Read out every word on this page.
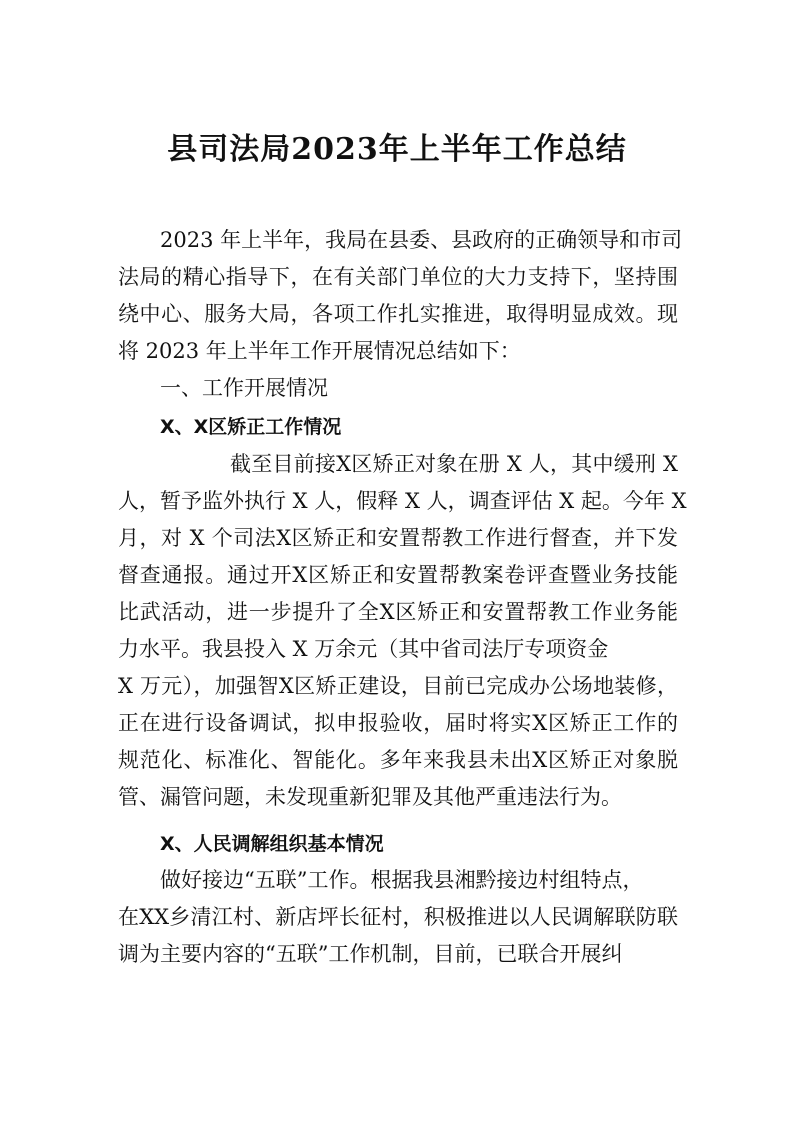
县司法局2023年上半年工作总结
2023 年上半年，我局在县委、县政府的正确领导和市司
法局的精心指导下，在有关部门单位的大力支持下，坚持围
绕中心、服务大局，各项工作扎实推进，取得明显成效。现
将 2023 年上半年工作开展情况总结如下：
一、工作开展情况
X、X区矫正工作情况
截至目前接X区矫正对象在册 X 人，其中缓刑 X
人，暂予监外执行 X 人，假释 X 人，调查评估 X 起。今年 X
月，对 X 个司法X区矫正和安置帮教工作进行督查，并下发
督查通报。通过开X区矫正和安置帮教案卷评查暨业务技能
比武活动，进一步提升了全X区矫正和安置帮教工作业务能
力水平。我县投入 X 万余元（其中省司法厅专项资金
X 万元），加强智X区矫正建设，目前已完成办公场地装修，
正在进行设备调试，拟申报验收，届时将实X区矫正工作的
规范化、标准化、智能化。多年来我县未出X区矫正对象脱
管、漏管问题，未发现重新犯罪及其他严重违法行为。
X、人民调解组织基本情况
做好接边“五联”工作。根据我县湘黔接边村组特点，
在XX乡清江村、新店坪长征村，积极推进以人民调解联防联
调为主要内容的“五联”工作机制，目前，已联合开展纠
